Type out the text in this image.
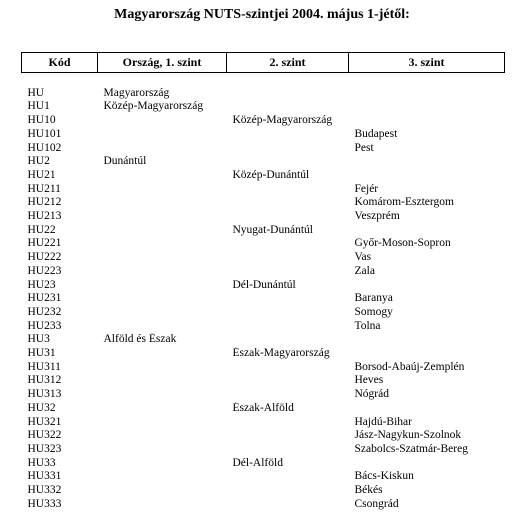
Magyarország NUTS-szintjei 2004. május 1-jétől:
Kód	Ország, 1. szint	2. szint	3. szint

HU	Magyarország		
HU1	Közép-Magyarország		
HU10		Közép-Magyarország	
HU101			Budapest
HU102			Pest
HU2	Dunántúl		
HU21		Közép-Dunántúl	
HU211			Fejér
HU212			Komárom-Esztergom
HU213			Veszprém
HU22		Nyugat-Dunántúl	
HU221			Győr-Moson-Sopron
HU222			Vas
HU223			Zala
HU23		Dél-Dunántúl	
HU231			Baranya
HU232			Somogy
HU233			Tolna
HU3	Alföld és Észak		
HU31		Észak-Magyarország	
HU311			Borsod-Abaúj-Zemplén
HU312			Heves
HU313			Nógrád
HU32		Észak-Alföld	
HU321			Hajdú-Bihar
HU322			Jász-Nagykun-Szolnok
HU323			Szabolcs-Szatmár-Bereg
HU33		Dél-Alföld	
HU331			Bács-Kiskun
HU332			Békés
HU333			Csongrád
